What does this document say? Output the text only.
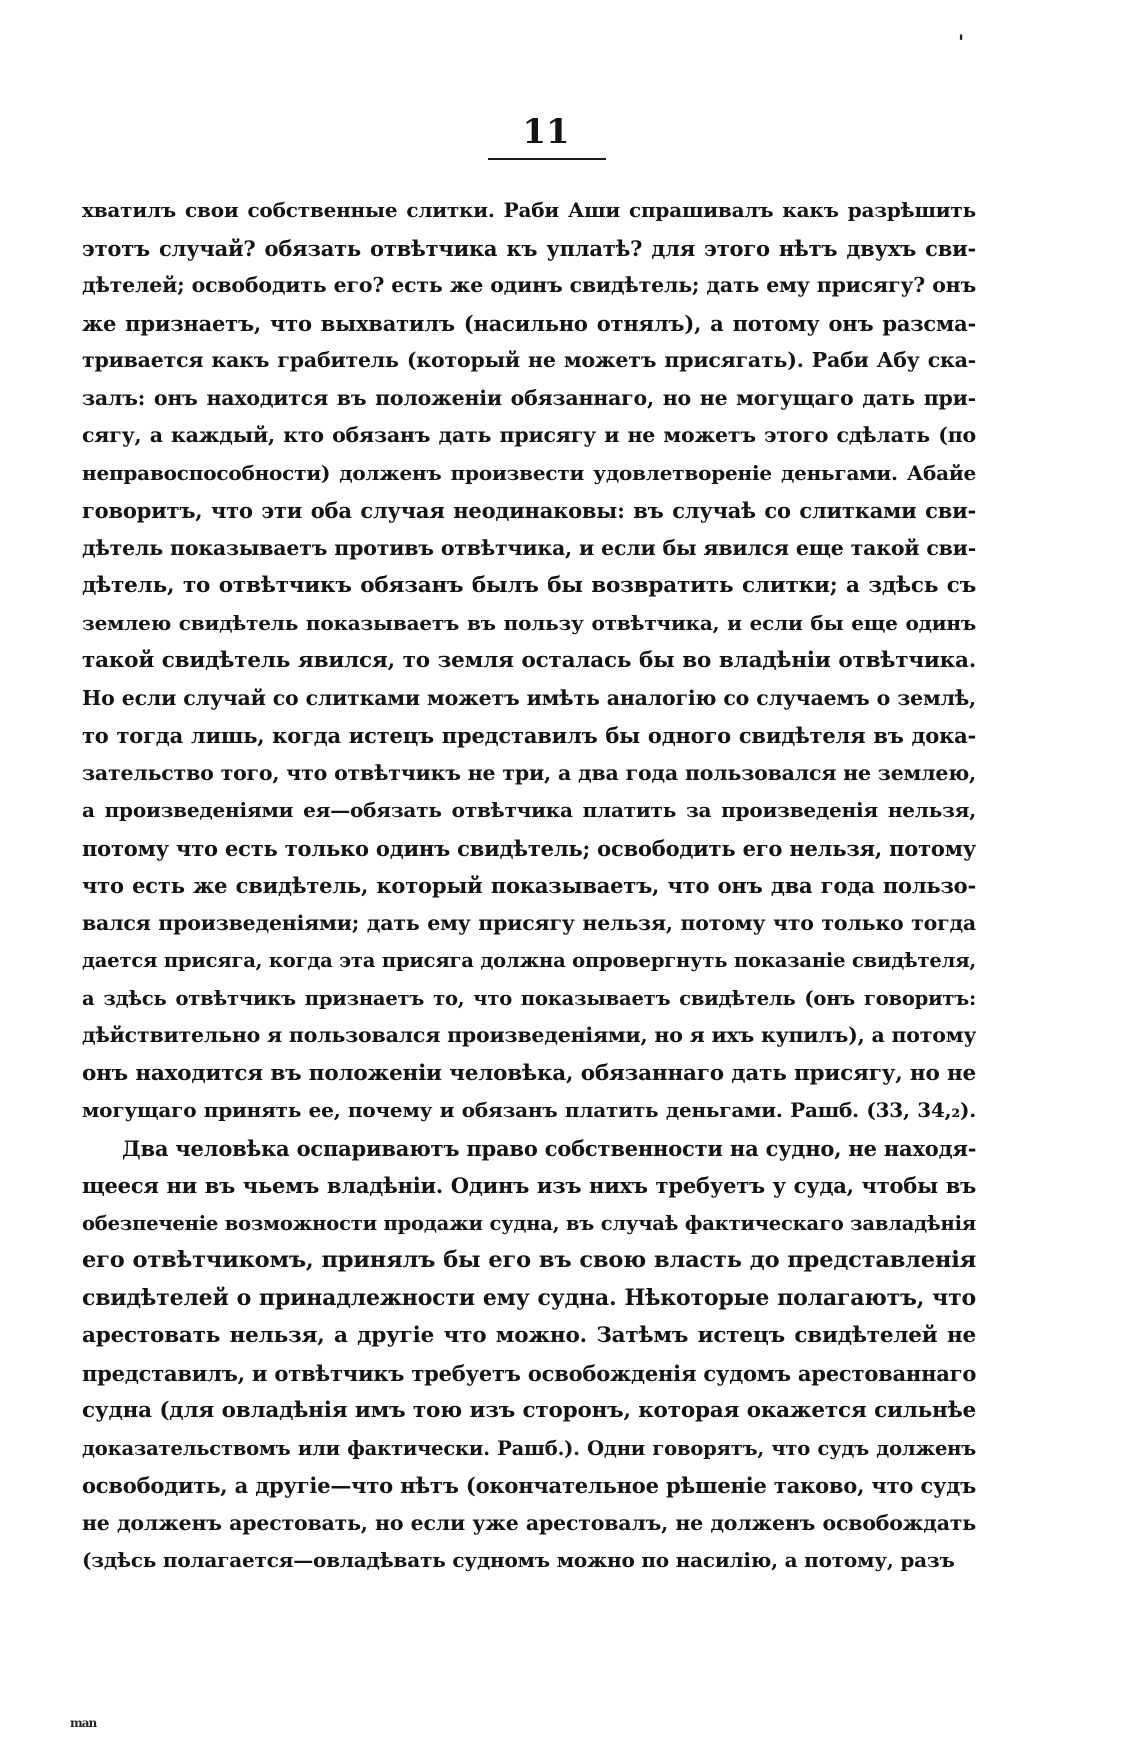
'
11
хватилъ свои собственные слитки. Раби Аши спрашивалъ какъ разрѣшить
этотъ случай? обязать отвѣтчика къ уплатѣ? для этого нѣтъ двухъ сви-
дѣтелей; освободить его? есть же одинъ свидѣтель; дать ему присягу? онъ
же признаетъ, что выхватилъ (насильно отнялъ), а потому онъ разсма-
тривается какъ грабитель (который не можетъ присягать). Раби Абу ска-
залъ: онъ находится въ положеніи обязаннаго, но не могущаго дать при-
сягу, а каждый, кто обязанъ дать присягу и не можетъ этого сдѣлать (по
неправоспособности) долженъ произвести удовлетвореніе деньгами. Абайе
говоритъ, что эти оба случая неодинаковы: въ случаѣ со слитками сви-
дѣтель показываетъ противъ отвѣтчика, и если бы явился еще такой сви-
дѣтель, то отвѣтчикъ обязанъ былъ бы возвратить слитки; а здѣсь съ
землею свидѣтель показываетъ въ пользу отвѣтчика, и если бы еще одинъ
такой свидѣтель явился, то земля осталась бы во владѣніи отвѣтчика.
Но если случай со слитками можетъ имѣть аналогію со случаемъ о землѣ,
то тогда лишь, когда истецъ представилъ бы одного свидѣтеля въ дока-
зательство того, что отвѣтчикъ не три, а два года пользовался не землею,
а произведеніями ея—обязать отвѣтчика платить за произведенія нельзя,
потому что есть только одинъ свидѣтель; освободить его нельзя, потому
что есть же свидѣтель, который показываетъ, что онъ два года пользо-
вался произведеніями; дать ему присягу нельзя, потому что только тогда
дается присяга, когда эта присяга должна опровергнуть показаніе свидѣтеля,
а здѣсь отвѣтчикъ признаетъ то, что показываетъ свидѣтель (онъ говоритъ:
дѣйствительно я пользовался произведеніями, но я ихъ купилъ), а потому
онъ находится въ положеніи человѣка, обязаннаго дать присягу, но не
могущаго принять ее, почему и обязанъ платить деньгами. Рашб. (33, 34,₂).
Два человѣка оспариваютъ право собственности на судно, не находя-
щееся ни въ чьемъ владѣніи. Одинъ изъ нихъ требуетъ у суда, чтобы въ
обезпеченіе возможности продажи судна, въ случаѣ фактическаго завладѣнія
его отвѣтчикомъ, принялъ бы его въ свою власть до представленія
свидѣтелей о принадлежности ему судна. Нѣкоторые полагаютъ, что
арестовать нельзя, а другіе что можно. Затѣмъ истецъ свидѣтелей не
представилъ, и отвѣтчикъ требуетъ освобожденія судомъ арестованнаго
судна (для овладѣнія имъ тою изъ сторонъ, которая окажется сильнѣе
доказательствомъ или фактически. Рашб.). Одни говорятъ, что судъ долженъ
освободить, а другіе—что нѣтъ (окончательное рѣшеніе таково, что судъ
не долженъ арестовать, но если уже арестовалъ, не долженъ освобождать
(здѣсь полагается—овладѣвать судномъ можно по насилію, а потому, разъ
man
